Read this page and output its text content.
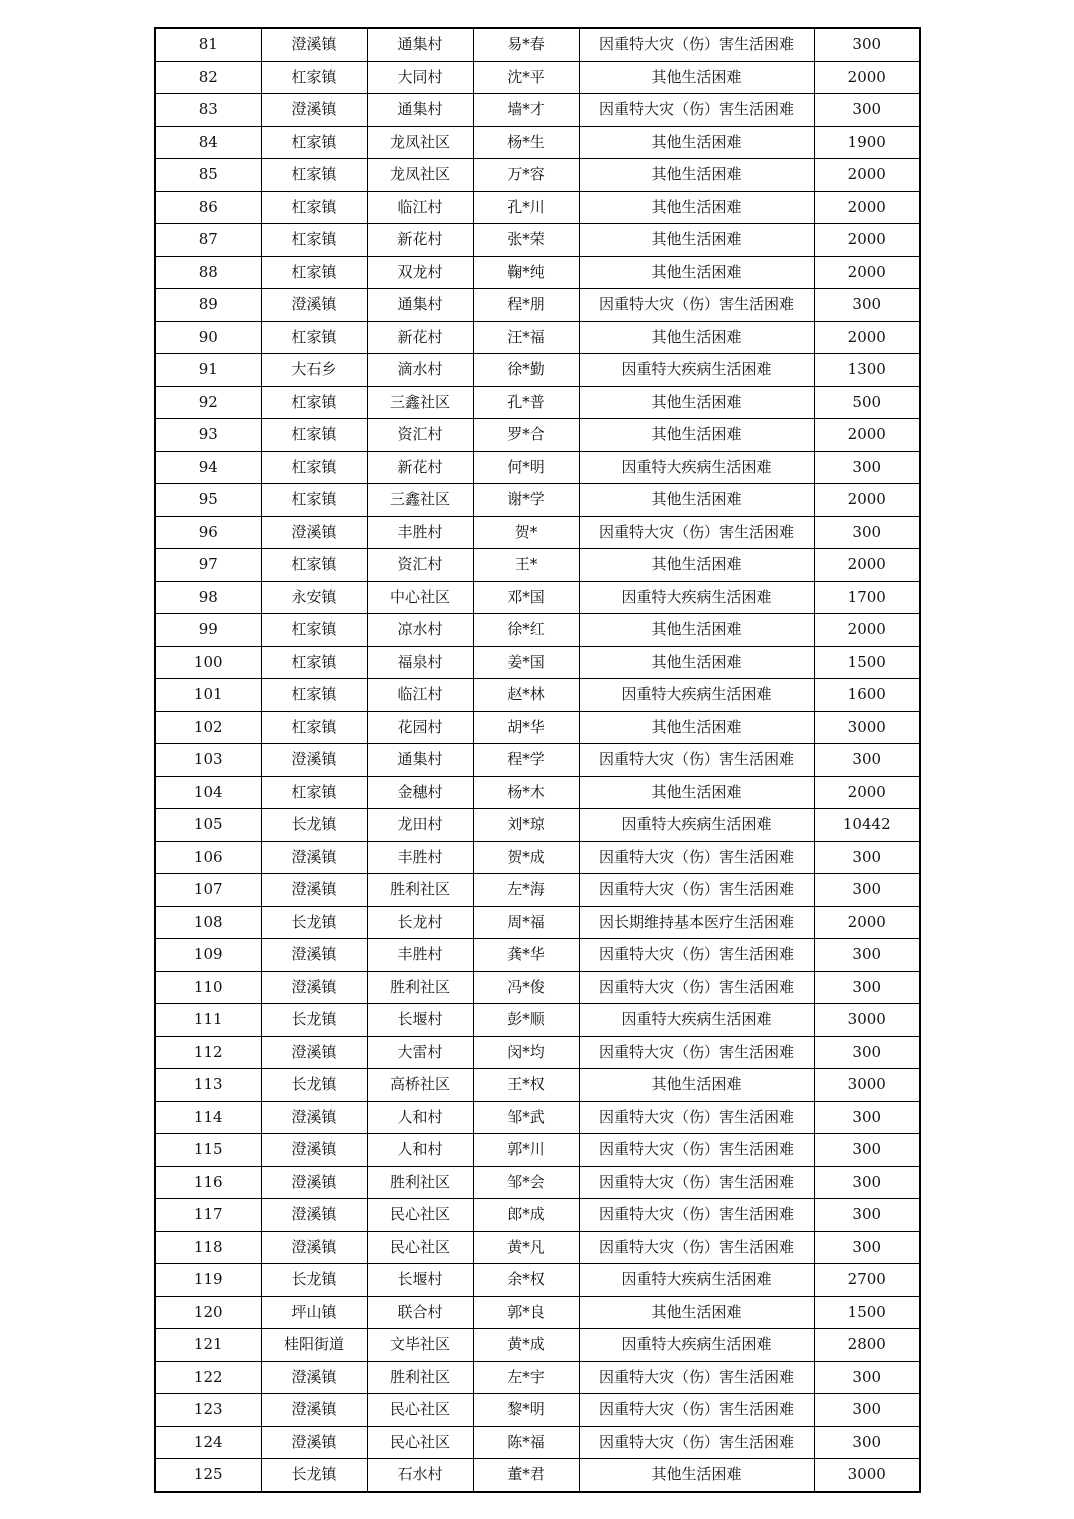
81	澄溪镇	通集村	易*春	因重特大灾（伤）害生活困难	300
82	杠家镇	大同村	沈*平	其他生活困难	2000
83	澄溪镇	通集村	墙*才	因重特大灾（伤）害生活困难	300
84	杠家镇	龙凤社区	杨*生	其他生活困难	1900
85	杠家镇	龙凤社区	万*容	其他生活困难	2000
86	杠家镇	临江村	孔*川	其他生活困难	2000
87	杠家镇	新花村	张*荣	其他生活困难	2000
88	杠家镇	双龙村	鞠*纯	其他生活困难	2000
89	澄溪镇	通集村	程*朋	因重特大灾（伤）害生活困难	300
90	杠家镇	新花村	汪*福	其他生活困难	2000
91	大石乡	滴水村	徐*勤	因重特大疾病生活困难	1300
92	杠家镇	三鑫社区	孔*普	其他生活困难	500
93	杠家镇	资汇村	罗*合	其他生活困难	2000
94	杠家镇	新花村	何*明	因重特大疾病生活困难	300
95	杠家镇	三鑫社区	谢*学	其他生活困难	2000
96	澄溪镇	丰胜村	贺*	因重特大灾（伤）害生活困难	300
97	杠家镇	资汇村	王*	其他生活困难	2000
98	永安镇	中心社区	邓*国	因重特大疾病生活困难	1700
99	杠家镇	凉水村	徐*红	其他生活困难	2000
100	杠家镇	福泉村	姜*国	其他生活困难	1500
101	杠家镇	临江村	赵*林	因重特大疾病生活困难	1600
102	杠家镇	花园村	胡*华	其他生活困难	3000
103	澄溪镇	通集村	程*学	因重特大灾（伤）害生活困难	300
104	杠家镇	金穗村	杨*木	其他生活困难	2000
105	长龙镇	龙田村	刘*琼	因重特大疾病生活困难	10442
106	澄溪镇	丰胜村	贺*成	因重特大灾（伤）害生活困难	300
107	澄溪镇	胜利社区	左*海	因重特大灾（伤）害生活困难	300
108	长龙镇	长龙村	周*福	因长期维持基本医疗生活困难	2000
109	澄溪镇	丰胜村	龚*华	因重特大灾（伤）害生活困难	300
110	澄溪镇	胜利社区	冯*俊	因重特大灾（伤）害生活困难	300
111	长龙镇	长堰村	彭*顺	因重特大疾病生活困难	3000
112	澄溪镇	大雷村	闵*均	因重特大灾（伤）害生活困难	300
113	长龙镇	高桥社区	王*权	其他生活困难	3000
114	澄溪镇	人和村	邹*武	因重特大灾（伤）害生活困难	300
115	澄溪镇	人和村	郭*川	因重特大灾（伤）害生活困难	300
116	澄溪镇	胜利社区	邹*会	因重特大灾（伤）害生活困难	300
117	澄溪镇	民心社区	郎*成	因重特大灾（伤）害生活困难	300
118	澄溪镇	民心社区	黄*凡	因重特大灾（伤）害生活困难	300
119	长龙镇	长堰村	余*权	因重特大疾病生活困难	2700
120	坪山镇	联合村	郭*良	其他生活困难	1500
121	桂阳街道	文毕社区	黄*成	因重特大疾病生活困难	2800
122	澄溪镇	胜利社区	左*宇	因重特大灾（伤）害生活困难	300
123	澄溪镇	民心社区	黎*明	因重特大灾（伤）害生活困难	300
124	澄溪镇	民心社区	陈*福	因重特大灾（伤）害生活困难	300
125	长龙镇	石水村	董*君	其他生活困难	3000
